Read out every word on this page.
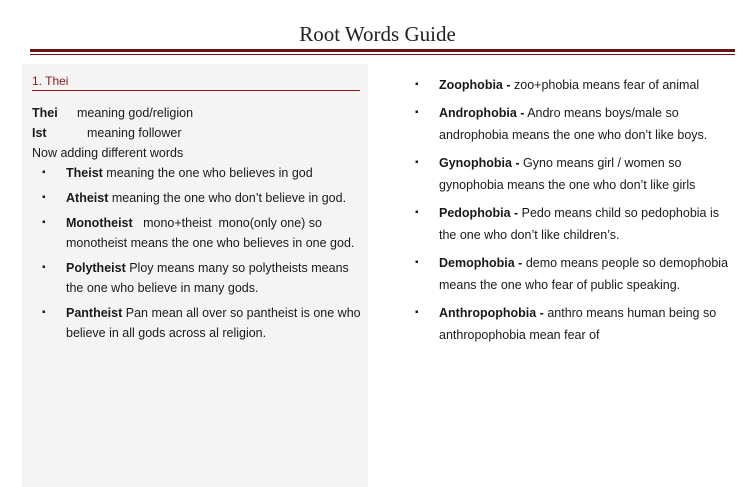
Root Words Guide
1. Thei
Thei meaning god/religion
Ist	meaning follower
Now adding different words
▪ Theist meaning the one who believes in god
▪ Atheist meaning the one who don’t believe in god.
▪ Monotheist   mono+theist  mono(only one) so monotheist means the one who believes in one god.
▪ Polytheist Ploy means many so polytheists means the one who believe in many gods.
▪ Pantheist Pan mean all over so pantheist is one who believe in all gods across al religion.
▪ Zoophobia - zoo+phobia means fear of animal
▪ Androphobia - Andro means boys/male so androphobia means the one who don’t like boys.
▪ Gynophobia - Gyno means girl / women so gynophobia means the one who don’t like girls
▪ Pedophobia - Pedo means child so pedophobia is the one who don’t like children’s.
▪ Demophobia - demo means people so demophobia means the one who fear of public speaking.
▪ Anthropophobia - anthro means human being so anthropophobia mean fear of
